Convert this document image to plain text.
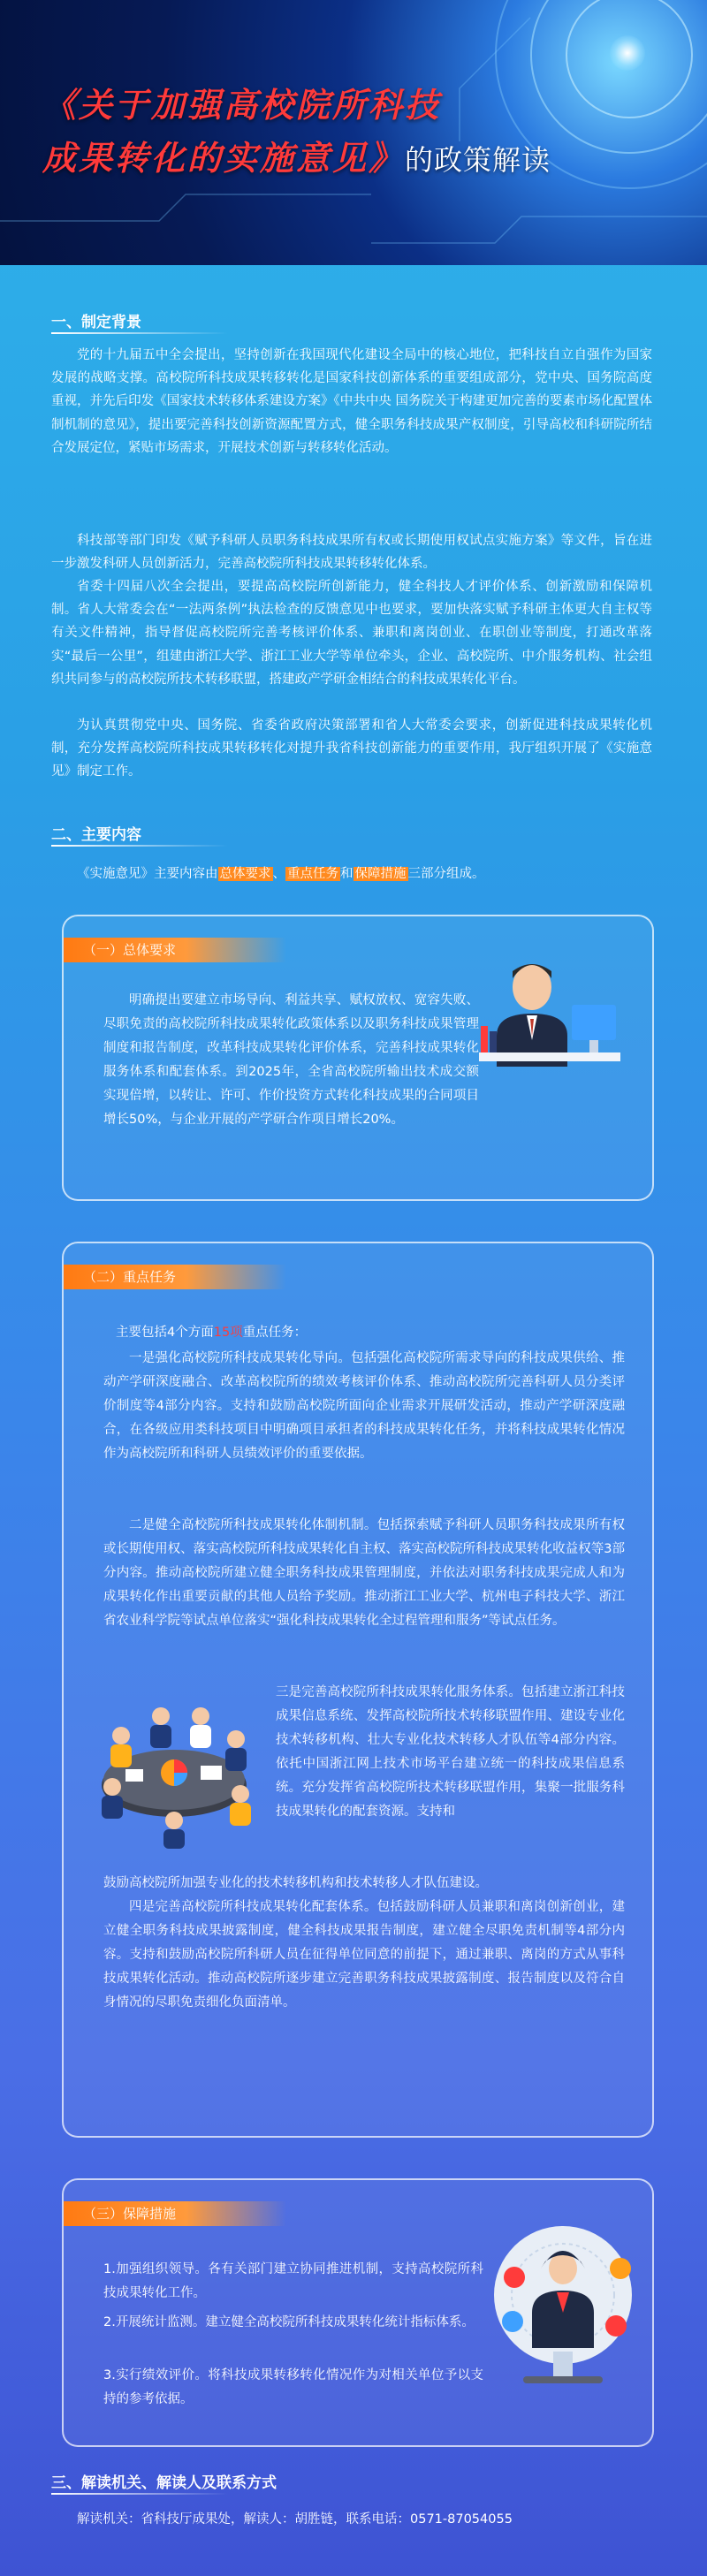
《关于加强高校院所科技
成果转化的实施意见》的政策解读
一、制定背景

党的十九届五中全会提出，坚持创新在我国现代化建设全局中的核心地位，把科技自立自强作为国家发展的战略支撑。高校院所科技成果转移转化是国家科技创新体系的重要组成部分，党中央、国务院高度重视，并先后印发《国家技术转移体系建设方案》《中共中央 国务院关于构建更加完善的要素市场化配置体制机制的意见》，提出要完善科技创新资源配置方式，健全职务科技成果产权制度，引导高校和科研院所结合发展定位，紧贴市场需求，开展技术创新与转移转化活动。

科技部等部门印发《赋予科研人员职务科技成果所有权或长期使用权试点实施方案》等文件，旨在进一步激发科研人员创新活力，完善高校院所科技成果转移转化体系。

省委十四届八次全会提出，要提高高校院所创新能力，健全科技人才评价体系、创新激励和保障机制。省人大常委会在“一法两条例”执法检查的反馈意见中也要求，要加快落实赋予科研主体更大自主权等有关文件精神，指导督促高校院所完善考核评价体系、兼职和离岗创业、在职创业等制度，打通改革落实“最后一公里”，组建由浙江大学、浙江工业大学等单位牵头，企业、高校院所、中介服务机构、社会组织共同参与的高校院所技术转移联盟，搭建政产学研金相结合的科技成果转化平台。

为认真贯彻党中央、国务院、省委省政府决策部署和省人大常委会要求，创新促进科技成果转化机制，充分发挥高校院所科技成果转移转化对提升我省科技创新能力的重要作用，我厅组织开展了《实施意见》制定工作。

二、主要内容

《实施意见》主要内容由 总体要求 、 重点任务 和 保障措施 三部分组成。

（一）总体要求

明确提出要建立市场导向、利益共享、赋权放权、宽容失败、尽职免责的高校院所科技成果转化政策体系以及职务科技成果管理制度和报告制度，改革科技成果转化评价体系，完善科技成果转化服务体系和配套体系。到2025年，全省高校院所输出技术成交额实现倍增，以转让、许可、作价投资方式转化科技成果的合同项目增长50%，与企业开展的产学研合作项目增长20%。

（二）重点任务

主要包括4个方面15项重点任务：

一是强化高校院所科技成果转化导向。包括强化高校院所需求导向的科技成果供给、推动产学研深度融合、改革高校院所的绩效考核评价体系、推动高校院所完善科研人员分类评价制度等4部分内容。支持和鼓励高校院所面向企业需求开展研发活动，推动产学研深度融合，在各级应用类科技项目中明确项目承担者的科技成果转化任务，并将科技成果转化情况作为高校院所和科研人员绩效评价的重要依据。

二是健全高校院所科技成果转化体制机制。包括探索赋予科研人员职务科技成果所有权或长期使用权、落实高校院所科技成果转化自主权、落实高校院所科技成果转化收益权等3部分内容。推动高校院所建立健全职务科技成果管理制度，并依法对职务科技成果完成人和为成果转化作出重要贡献的其他人员给予奖励。推动浙江工业大学、杭州电子科技大学、浙江省农业科学院等试点单位落实“强化科技成果转化全过程管理和服务”等试点任务。

三是完善高校院所科技成果转化服务体系。包括建立浙江科技成果信息系统、发挥高校院所技术转移联盟作用、建设专业化技术转移机构、壮大专业化技术转移人才队伍等4部分内容。依托中国浙江网上技术市场平台建立统一的科技成果信息系统。充分发挥省高校院所技术转移联盟作用，集聚一批服务科技成果转化的配套资源。支持和

鼓励高校院所加强专业化的技术转移机构和技术转移人才队伍建设。

四是完善高校院所科技成果转化配套体系。包括鼓励科研人员兼职和离岗创新创业，建立健全职务科技成果披露制度，健全科技成果报告制度，建立健全尽职免责机制等4部分内容。支持和鼓励高校院所科研人员在征得单位同意的前提下，通过兼职、离岗的方式从事科技成果转化活动。推动高校院所逐步建立完善职务科技成果披露制度、报告制度以及符合自身情况的尽职免责细化负面清单。

（三）保障措施

1.加强组织领导。各有关部门建立协同推进机制，支持高校院所科技成果转化工作。

2.开展统计监测。建立健全高校院所科技成果转化统计指标体系。

3.实行绩效评价。将科技成果转移转化情况作为对相关单位予以支持的参考依据。

三、解读机关、解读人及联系方式

解读机关：省科技厅成果处，解读人：胡胜链，联系电话：0571-87054055
